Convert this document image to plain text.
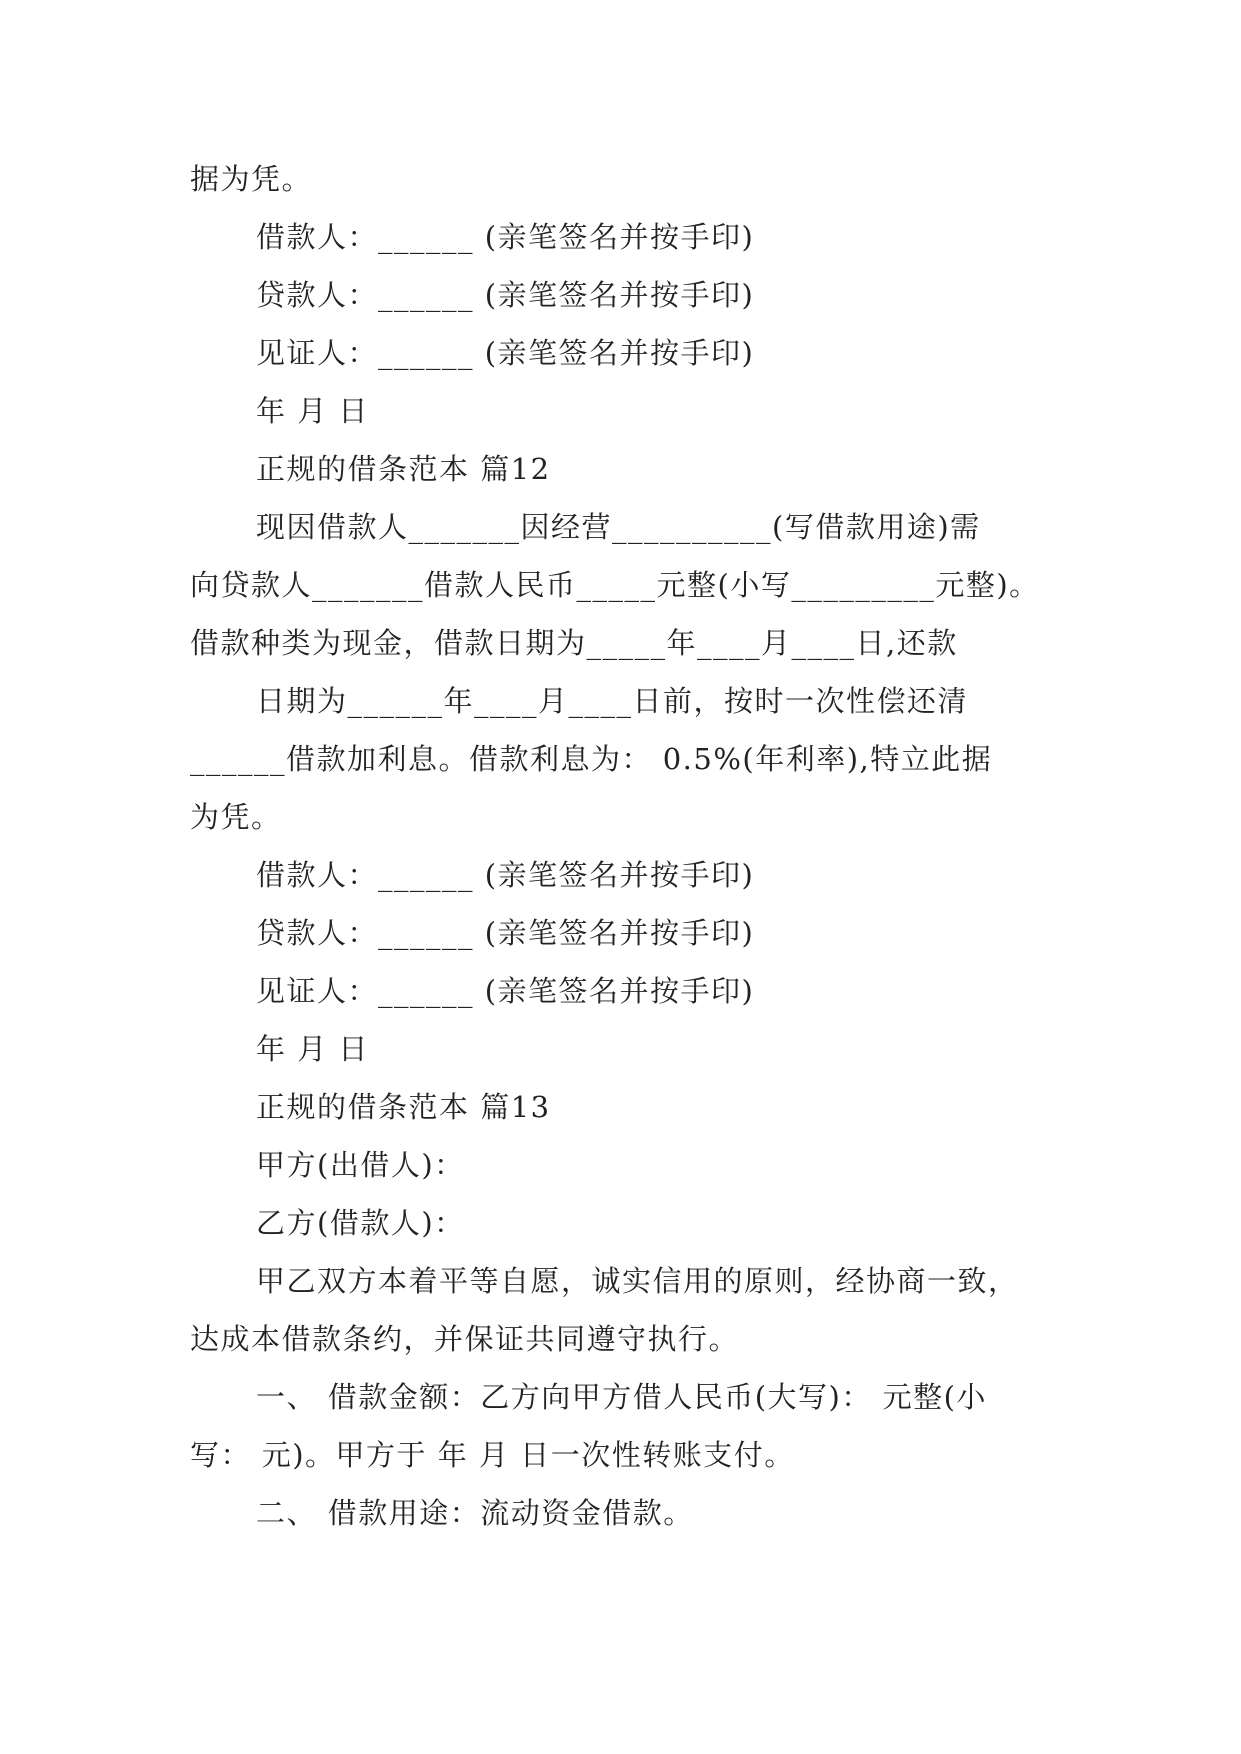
据为凭。
借款人：______ (亲笔签名并按手印)
贷款人：______ (亲笔签名并按手印)
见证人：______ (亲笔签名并按手印)
年 月 日
正规的借条范本 篇12
现因借款人_______因经营__________(写借款用途)需
向贷款人_______借款人民币_____元整(小写_________元整)。
借款种类为现金，借款日期为_____年____月____日,还款
日期为______年____月____日前，按时一次性偿还清
______借款加利息。借款利息为： 0.5%(年利率),特立此据
为凭。
借款人：______ (亲笔签名并按手印)
贷款人：______ (亲笔签名并按手印)
见证人：______ (亲笔签名并按手印)
年 月 日
正规的借条范本 篇13
甲方(出借人)：
乙方(借款人)：
甲乙双方本着平等自愿，诚实信用的原则，经协商一致，
达成本借款条约，并保证共同遵守执行。
一、 借款金额：乙方向甲方借人民币(大写)： 元整(小
写： 元)。甲方于 年 月 日一次性转账支付。
二、 借款用途：流动资金借款。
